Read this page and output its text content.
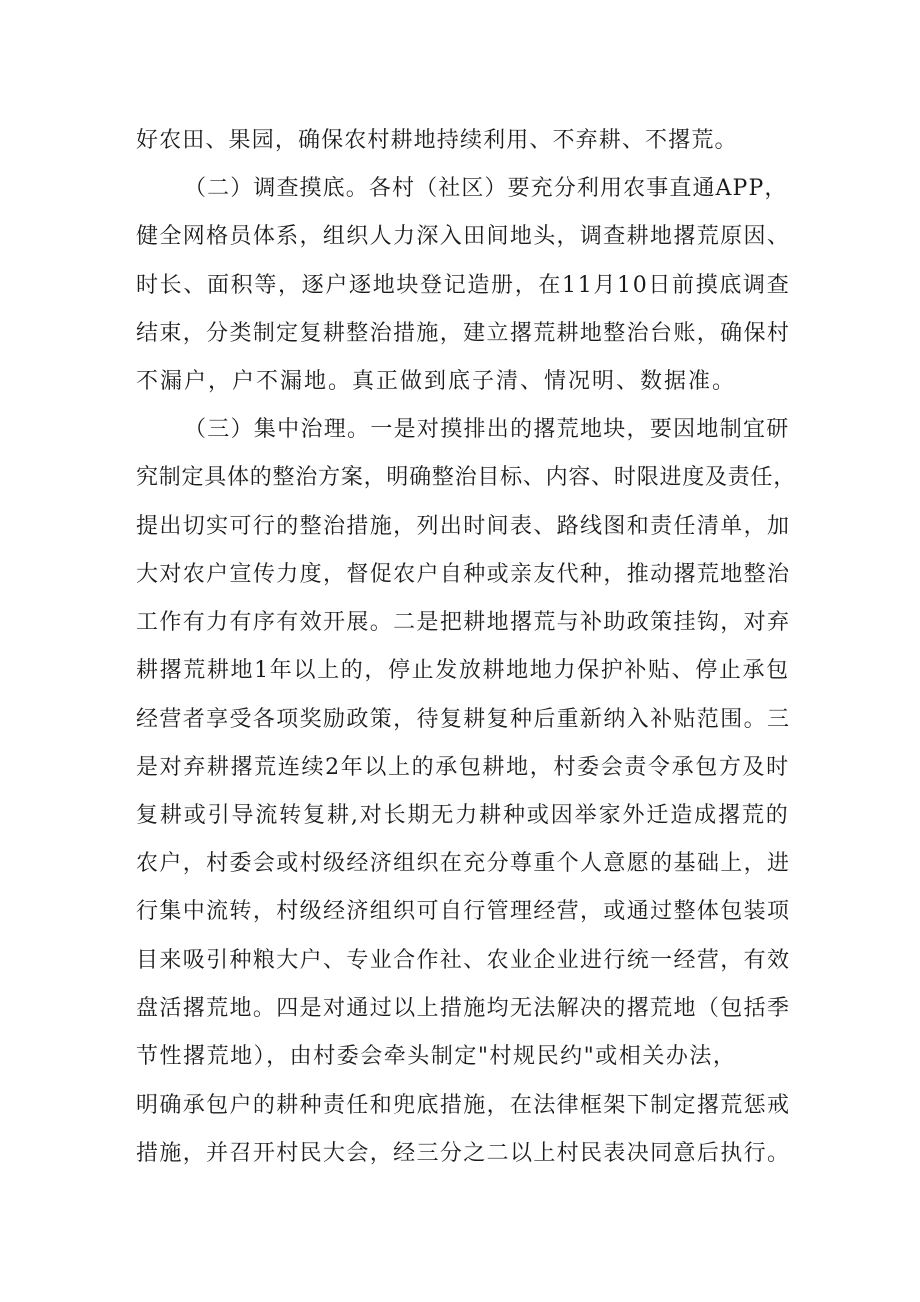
好农田、果园，确保农村耕地持续利用、不弃耕、不撂荒。
（二）调查摸底。各村（社区）要充分利用农事直通APP，
健全网格员体系，组织人力深入田间地头，调查耕地撂荒原因、
时长、面积等，逐户逐地块登记造册，在11月10日前摸底调查
结束，分类制定复耕整治措施，建立撂荒耕地整治台账，确保村
不漏户，户不漏地。真正做到底子清、情况明、数据准。
（三）集中治理。一是对摸排出的撂荒地块，要因地制宜研
究制定具体的整治方案，明确整治目标、内容、时限进度及责任，
提出切实可行的整治措施，列出时间表、路线图和责任清单，加
大对农户宣传力度，督促农户自种或亲友代种，推动撂荒地整治
工作有力有序有效开展。二是把耕地撂荒与补助政策挂钩，对弃
耕撂荒耕地1年以上的，停止发放耕地地力保护补贴、停止承包
经营者享受各项奖励政策，待复耕复种后重新纳入补贴范围。三
是对弃耕撂荒连续2年以上的承包耕地，村委会责令承包方及时
复耕或引导流转复耕,对长期无力耕种或因举家外迁造成撂荒的
农户，村委会或村级经济组织在充分尊重个人意愿的基础上，进
行集中流转，村级经济组织可自行管理经营，或通过整体包装项
目来吸引种粮大户、专业合作社、农业企业进行统一经营，有效
盘活撂荒地。四是对通过以上措施均无法解决的撂荒地（包括季
节性撂荒地），由村委会牵头制定"村规民约"或相关办法，
明确承包户的耕种责任和兜底措施，在法律框架下制定撂荒惩戒
措施，并召开村民大会，经三分之二以上村民表决同意后执行。
